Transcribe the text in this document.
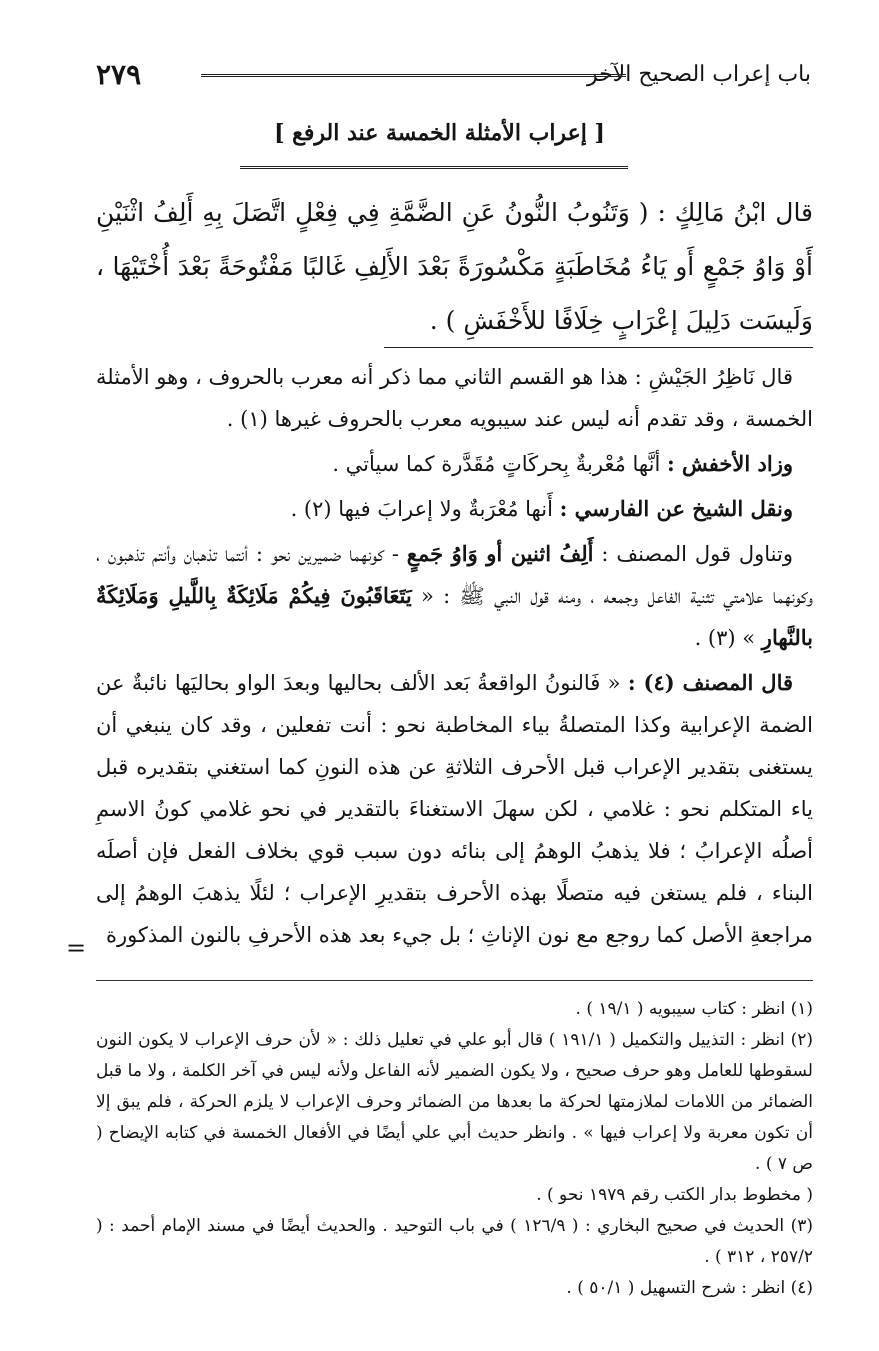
باب إعراب الصحيح الآخر
٢٧٩
[ إعراب الأمثلة الخمسة عند الرفع ]

قال ابْنُ مَالِكٍ : ( وَتَنُوبُ النُّونُ عَنِ الضَّمَّةِ فِي فِعْلٍ اتَّصَلَ بِهِ أَلِفُ اثْنَيْنِ أَوْ وَاوُ جَمْعٍ أَو يَاءُ مُخَاطَبَةٍ مَكْسُورَةً بَعْدَ الأَلِفِ غَالبًا مَفْتُوحَةً بَعْدَ أُخْتَيْهَا ، وَلَيسَت دَلِيلَ إعْرَابٍ خِلَافًا للأَخْفَشِ ) .

قال نَاظِرُ الجَيْشِ : هذا هو القسم الثاني مما ذكر أنه معرب بالحروف ، وهو الأمثلة الخمسة ، وقد تقدم أنه ليس عند سيبويه معرب بالحروف غيرها (١) .

وزاد الأخفش : أنَّها مُعْربةٌ بِحركَاتٍ مُقَدَّرة كما سيأتي .

ونقل الشيخ عن الفارسي : أَنها مُعْرَبةٌ ولا إعرابَ فيها (٢) .

وتناول قول المصنف : أَلِفُ اثنين أو وَاوُ جَمعٍ - كونهما ضميرين نحو : أنتما تذهبان وأنتم تذهبون ، وكونهما علامتي تثنية الفاعل وجمعه ، ومنه قول النبي ﷺ : « يَتَعَاقَبُونَ فِيكُمْ مَلَائِكَةٌ بِاللَّيلِ وَمَلَائِكَةٌ بالنَّهارِ » (٣) .

قال المصنف (٤) : « فَالنونُ الواقعةُ بَعد الألف بحاليها وبعدَ الواو بحاليَها نائبةٌ عن الضمة الإعرابية وكذا المتصلةُ بياء المخاطبة نحو : أنت تفعلين ، وقد كان ينبغي أن يستغنى بتقدير الإعراب قبل الأحرف الثلاثةِ عن هذه النونِ كما استغني بتقديره قبل ياء المتكلم نحو : غلامي ، لكن سهلَ الاستغناءَ بالتقدير في نحو غلامي كونُ الاسمِ أصلُه الإعرابُ ؛ فلا يذهبُ الوهمُ إلى بنائه دون سبب قوي بخلاف الفعل فإن أصلَه البناء ، فلم يستغن فيه متصلًا بهذه الأحرف بتقديرِ الإعراب ؛ لئلًا يذهبَ الوهمُ إلى مراجعةِ الأصل كما روجع مع نون الإناثِ ؛ بل جيء بعد هذه الأحرفِ بالنون المذكورة

=

(١) انظر : كتاب سيبويه ( ١٩/١ ) .

(٢) انظر : التذييل والتكميل ( ١٩١/١ ) قال أبو علي في تعليل ذلك : « لأن حرف الإعراب لا يكون النون لسقوطها للعامل وهو حرف صحيح ، ولا يكون الضمير لأنه الفاعل ولأنه ليس في آخر الكلمة ، ولا ما قبل الضمائر من اللامات لملازمتها لحركة ما بعدها من الضمائر وحرف الإعراب لا يلزم الحركة ، فلم يبق إلا أن تكون معربة ولا إعراب فيها » . وانظر حديث أبي علي أيضًا في الأفعال الخمسة في كتابه الإيضاح ( ص ٧ ) .

( مخطوط بدار الكتب رقم ١٩٧٩ نحو ) .

(٣) الحديث في صحيح البخاري : ( ١٢٦/٩ ) في باب التوحيد . والحديث أيضًا في مسند الإمام أحمد : ( ٢٥٧/٢ ، ٣١٢ ) .

(٤) انظر : شرح التسهيل ( ٥٠/١ ) .
